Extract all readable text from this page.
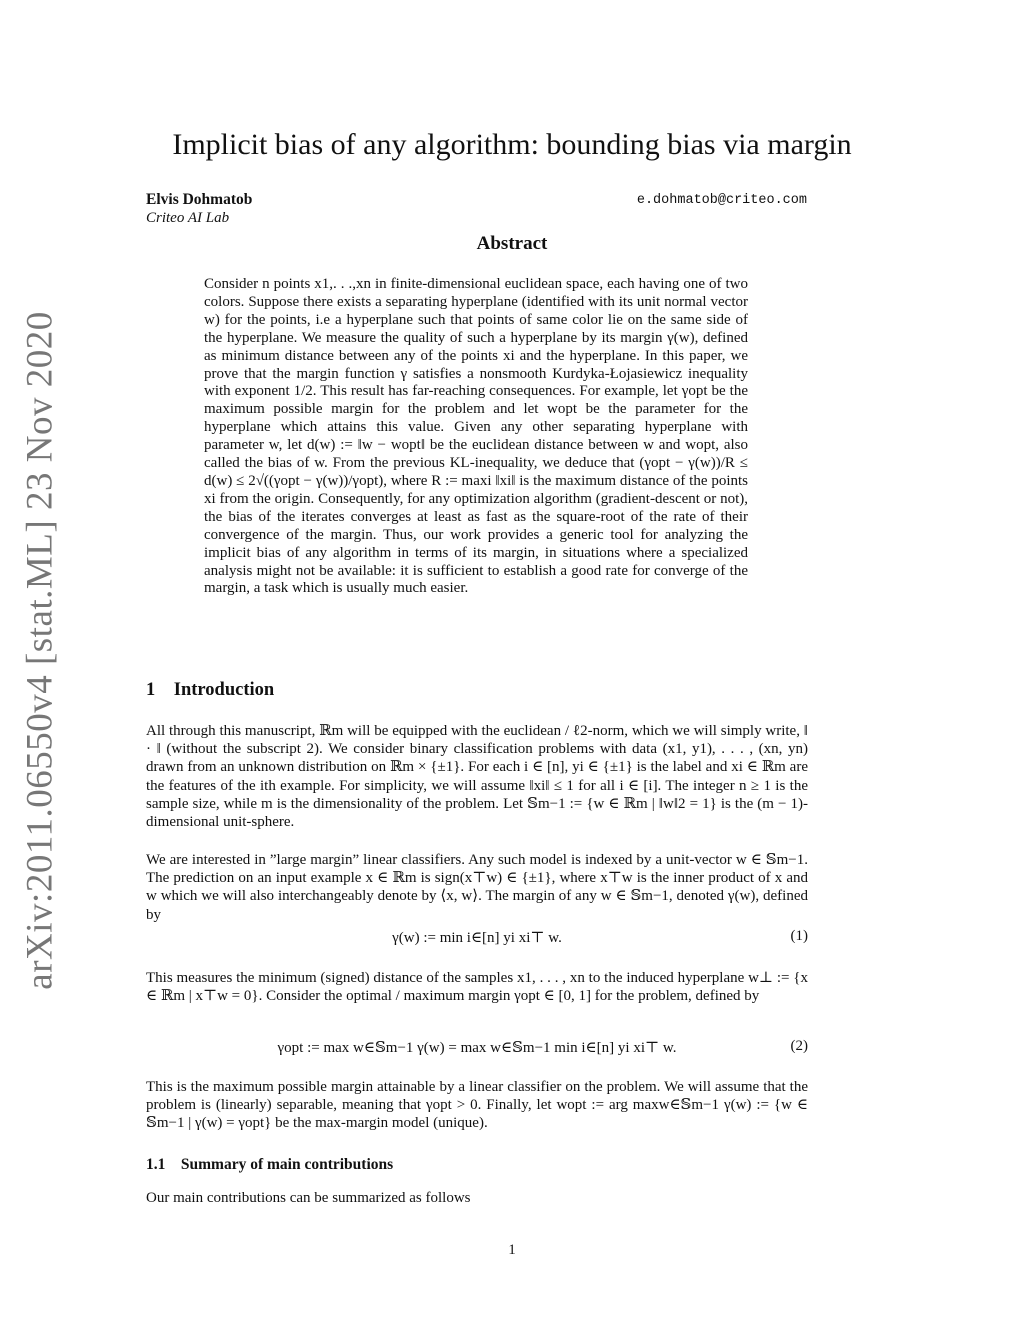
arXiv:2011.06550v4 [stat.ML] 23 Nov 2020
Implicit bias of any algorithm: bounding bias via margin
Elvis Dohmatob
Criteo AI Lab
e.dohmatob@criteo.com
Abstract

Consider n points x1,. . .,xn in finite-dimensional euclidean space, each having one of two colors. Suppose there exists a separating hyperplane (identified with its unit normal vector w) for the points, i.e a hyperplane such that points of same color lie on the same side of the hyperplane. We measure the quality of such a hyperplane by its margin γ(w), defined as minimum distance between any of the points xi and the hyperplane. In this paper, we prove that the margin function γ satisfies a nonsmooth Kurdyka-Łojasiewicz inequality with exponent 1/2. This result has far-reaching consequences. For example, let γopt be the maximum possible margin for the problem and let wopt be the parameter for the hyperplane which attains this value. Given any other separating hyperplane with parameter w, let d(w) := ‖w − wopt‖ be the euclidean distance between w and wopt, also called the bias of w. From the previous KL-inequality, we deduce that (γopt − γ(w))/R ≤ d(w) ≤ 2√((γopt − γ(w))/γopt), where R := maxi ‖xi‖ is the maximum distance of the points xi from the origin. Consequently, for any optimization algorithm (gradient-descent or not), the bias of the iterates converges at least as fast as the square-root of the rate of their convergence of the margin. Thus, our work provides a generic tool for analyzing the implicit bias of any algorithm in terms of its margin, in situations where a specialized analysis might not be available: it is sufficient to establish a good rate for converge of the margin, a task which is usually much easier.

1 Introduction

All through this manuscript, ℝm will be equipped with the euclidean / ℓ2-norm, which we will simply write, ‖ · ‖ (without the subscript 2). We consider binary classification problems with data (x1, y1), . . . , (xn, yn) drawn from an unknown distribution on ℝm × {±1}. For each i ∈ [n], yi ∈ {±1} is the label and xi ∈ ℝm are the features of the ith example. For simplicity, we will assume ‖xi‖ ≤ 1 for all i ∈ [i]. The integer n ≥ 1 is the sample size, while m is the dimensionality of the problem. Let 𝕊m−1 := {w ∈ ℝm | ‖w‖2 = 1} is the (m − 1)-dimensional unit-sphere.

We are interested in ”large margin” linear classifiers. Any such model is indexed by a unit-vector w ∈ 𝕊m−1. The prediction on an input example x ∈ ℝm is sign(x⊤w) ∈ {±1}, where x⊤w is the inner product of x and w which we will also interchangeably denote by ⟨x, w⟩. The margin of any w ∈ 𝕊m−1, denoted γ(w), defined by

γ(w) := min i∈[n] yi xi⊤ w.	(1)

This measures the minimum (signed) distance of the samples x1, . . . , xn to the induced hyperplane w⊥ := {x ∈ ℝm | x⊤w = 0}. Consider the optimal / maximum margin γopt ∈ [0, 1] for the problem, defined by

γopt := max w∈𝕊m−1 γ(w) = max w∈𝕊m−1 min i∈[n] yi xi⊤ w.	(2)

This is the maximum possible margin attainable by a linear classifier on the problem. We will assume that the problem is (linearly) separable, meaning that γopt > 0. Finally, let wopt := arg maxw∈𝕊m−1 γ(w) := {w ∈ 𝕊m−1 | γ(w) = γopt} be the max-margin model (unique).

1.1 Summary of main contributions

Our main contributions can be summarized as follows

1
